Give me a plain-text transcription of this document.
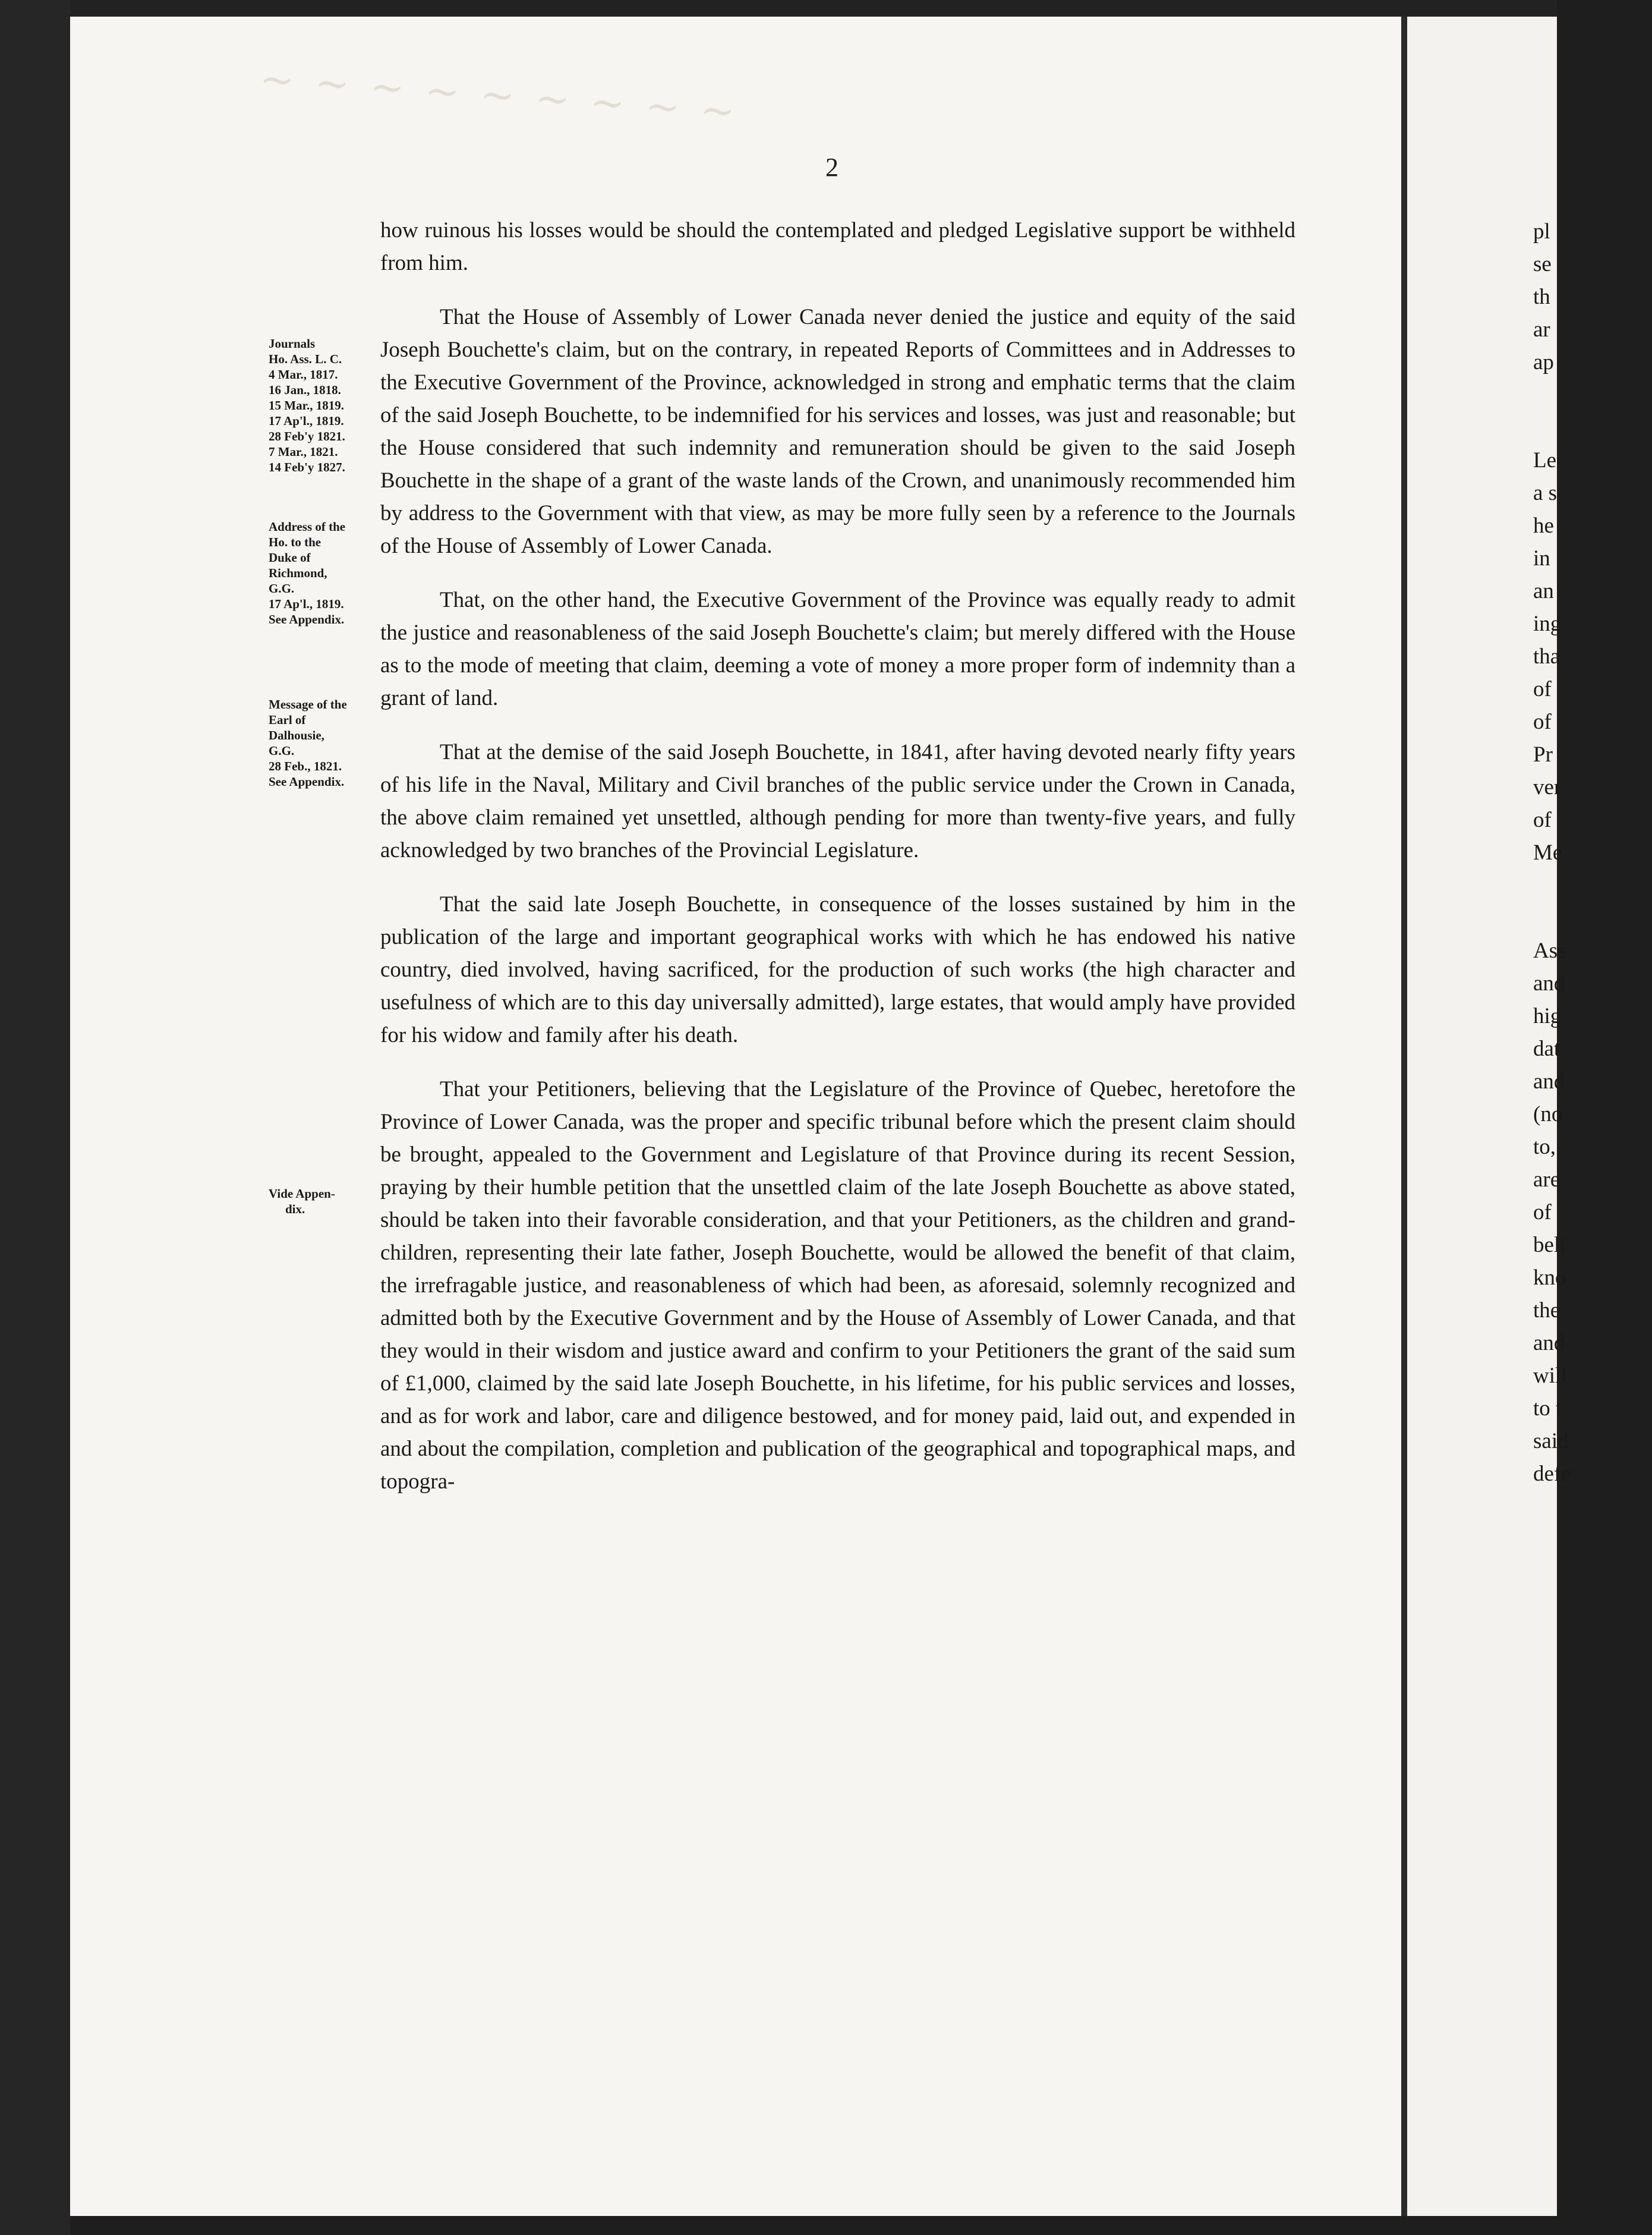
~ ~ ~ ~ ~ ~ ~ ~ ~
2
Journals
Ho. Ass. L. C.
4 Mar., 1817.
16 Jan., 1818.
15 Mar., 1819.
17 Ap'l., 1819.
28 Feb'y 1821.
7 Mar., 1821.
14 Feb'y 1827.
Address of the
Ho. to the
Duke of
Richmond,
G.G.
17 Ap'l., 1819.
See Appendix.
Message of the
Earl of
Dalhousie,
G.G.
28 Feb., 1821.
See Appendix.
Vide Appen-
dix.

how ruinous his losses would be should the contemplated and pledged Legislative support be withheld from him.

That the House of Assembly of Lower Canada never denied the justice and equity of the said Joseph Bouchette's claim, but on the contrary, in repeated Reports of Committees and in Addresses to the Executive Government of the Province, acknowledged in strong and emphatic terms that the claim of the said Joseph Bouchette, to be indemnified for his services and losses, was just and reasonable; but the House considered that such indemnity and remuneration should be given to the said Joseph Bouchette in the shape of a grant of the waste lands of the Crown, and unanimously recommended him by address to the Government with that view, as may be more fully seen by a reference to the Journals of the House of Assembly of Lower Canada.

That, on the other hand, the Executive Government of the Province was equally ready to admit the justice and reasonableness of the said Joseph Bouchette's claim; but merely differed with the House as to the mode of meeting that claim, deeming a vote of money a more proper form of indemnity than a grant of land.

That at the demise of the said Joseph Bouchette, in 1841, after having devoted nearly fifty years of his life in the Naval, Military and Civil branches of the public service under the Crown in Canada, the above claim remained yet unsettled, although pending for more than twenty-five years, and fully acknowledged by two branches of the Provincial Legislature.

That the said late Joseph Bouchette, in consequence of the losses sustained by him in the publication of the large and important geographical works with which he has endowed his native country, died involved, having sacrificed, for the production of such works (the high character and usefulness of which are to this day universally admitted), large estates, that would amply have provided for his widow and family after his death.

That your Petitioners, believing that the Legislature of the Province of Quebec, heretofore the Province of Lower Canada, was the proper and specific tribunal before which the present claim should be brought, appealed to the Government and Legislature of that Province during its recent Session, praying by their humble petition that the unsettled claim of the late Joseph Bouchette as above stated, should be taken into their favorable consideration, and that your Petitioners, as the children and grand-children, representing their late father, Joseph Bouchette, would be allowed the benefit of that claim, the irrefragable justice, and reasonableness of which had been, as aforesaid, solemnly recognized and admitted both by the Executive Government and by the House of Assembly of Lower Canada, and that they would in their wisdom and justice award and confirm to your Petitioners the grant of the said sum of £1,000, claimed by the said late Joseph Bouchette, in his lifetime, for his public services and losses, and as for work and labor, care and diligence bestowed, and for money paid, laid out, and expended in and about the compilation, completion and publication of the geographical and topographical maps, and topogra-

pl
se
th
ar
ap
Le
a s
he
in
an
ing
tha
of
of
Pr
ver
of
Me
Ass
and
hig
dat
and
(no
to,
are
of
beli
kno
the
and
will
to t
said
defe
